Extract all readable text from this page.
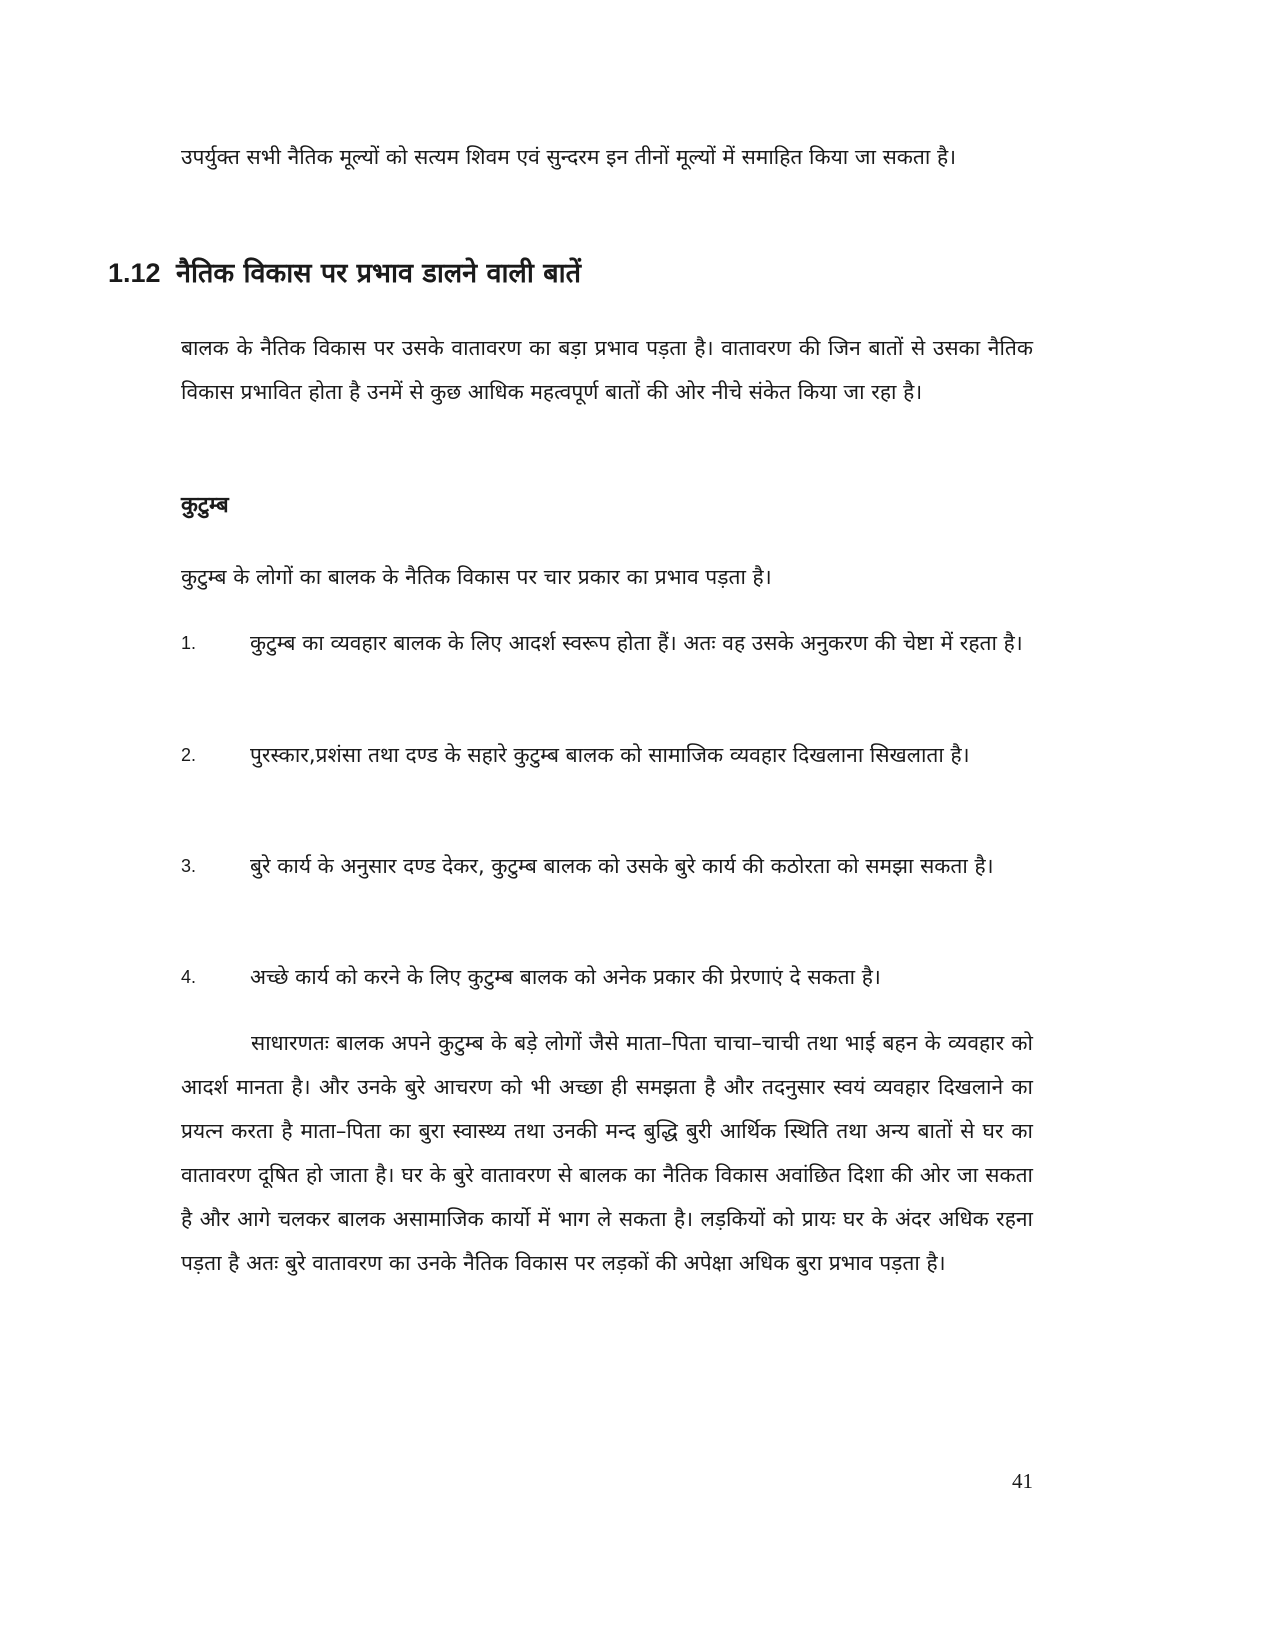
उपर्युक्त सभी नैतिक मूल्यों को सत्यम शिवम एवं सुन्दरम इन तीनों मूल्यों में समाहित किया जा सकता है।

1.12 नैतिक विकास पर प्रभाव डालने वाली बातें

बालक के नैतिक विकास पर उसके वातावरण का बड़ा प्रभाव पड़ता है। वातावरण की जिन बातों से उसका नैतिक विकास प्रभावित होता है उनमें से कुछ आधिक महत्वपूर्ण बातों की ओर नीचे संकेत किया जा रहा है।

कुटुम्ब

कुटुम्ब के लोगों का बालक के नैतिक विकास पर चार प्रकार का प्रभाव पड़ता है।

1.	कुटुम्ब का व्यवहार बालक के लिए आदर्श स्वरूप होता हैं। अतः वह उसके अनुकरण की चेष्टा में रहता है।
2.	पुरस्कार,प्रशंसा तथा दण्ड के सहारे कुटुम्ब बालक को सामाजिक व्यवहार दिखलाना सिखलाता है।
3.	बुरे कार्य के अनुसार दण्ड देकर, कुटुम्ब बालक को उसके बुरे कार्य की कठोरता को समझा सकता है।
4.	अच्छे कार्य को करने के लिए कुटुम्ब बालक को अनेक प्रकार की प्रेरणाएं दे सकता है।

साधारणतः बालक अपने कुटुम्ब के बड़े लोगों जैसे माता–पिता चाचा–चाची तथा भाई बहन के व्यवहार को आदर्श मानता है। और उनके बुरे आचरण को भी अच्छा ही समझता है और तदनुसार स्वयं व्यवहार दिखलाने का प्रयत्न करता है माता–पिता का बुरा स्वास्थ्य तथा उनकी मन्द बुद्धि बुरी आर्थिक स्थिति तथा अन्य बातों से घर का वातावरण दूषित हो जाता है। घर के बुरे वातावरण से बालक का नैतिक विकास अवांछित दिशा की ओर जा सकता है और आगे चलकर बालक असामाजिक कार्यो में भाग ले सकता है। लड़कियों को प्रायः घर के अंदर अधिक रहना पड़ता है अतः बुरे वातावरण का उनके नैतिक विकास पर लड़कों की अपेक्षा अधिक बुरा प्रभाव पड़ता है।

41
